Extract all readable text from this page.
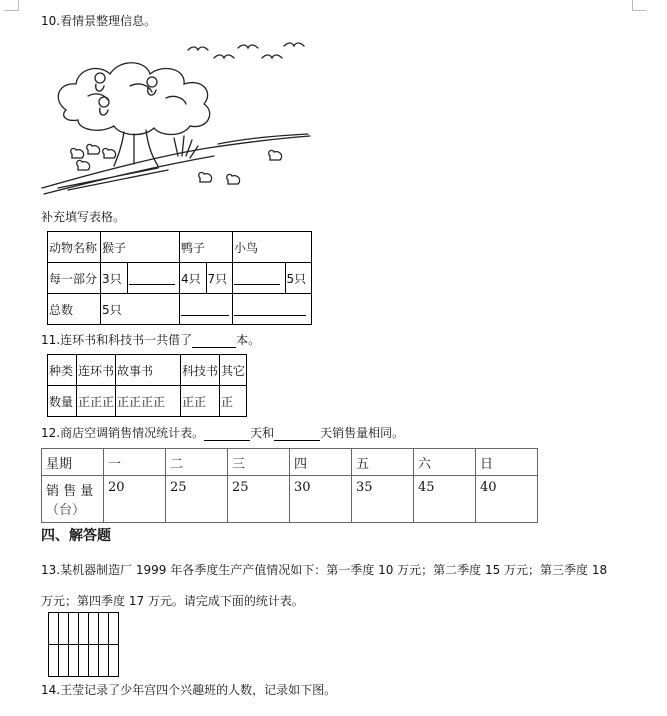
10.看情景整理信息。
补充填写表格。
动物名称	猴子		鸭子		小鸟	
每一部分	3只		4只	7只		5只
总数	5只					
11.连环书和科技书一共借了	本。
种类	连环书	故事书		科技书	其它
数量	正正正	正正正正		正正	正
12.商店空调销售情况统计表。	天和	天销售量相同。
星期	一	二	三	四	五	六	日

销 售 量
（台）	20	25	25	30	35	45	40
四、解答题
13.某机器制造厂 1999 年各季度生产产值情况如下：第一季度 10 万元；第二季度 15 万元；第三季度 18
万元；第四季度 17 万元。请完成下面的统计表。

14.王莹记录了少年宫四个兴趣班的人数，记录如下图。
